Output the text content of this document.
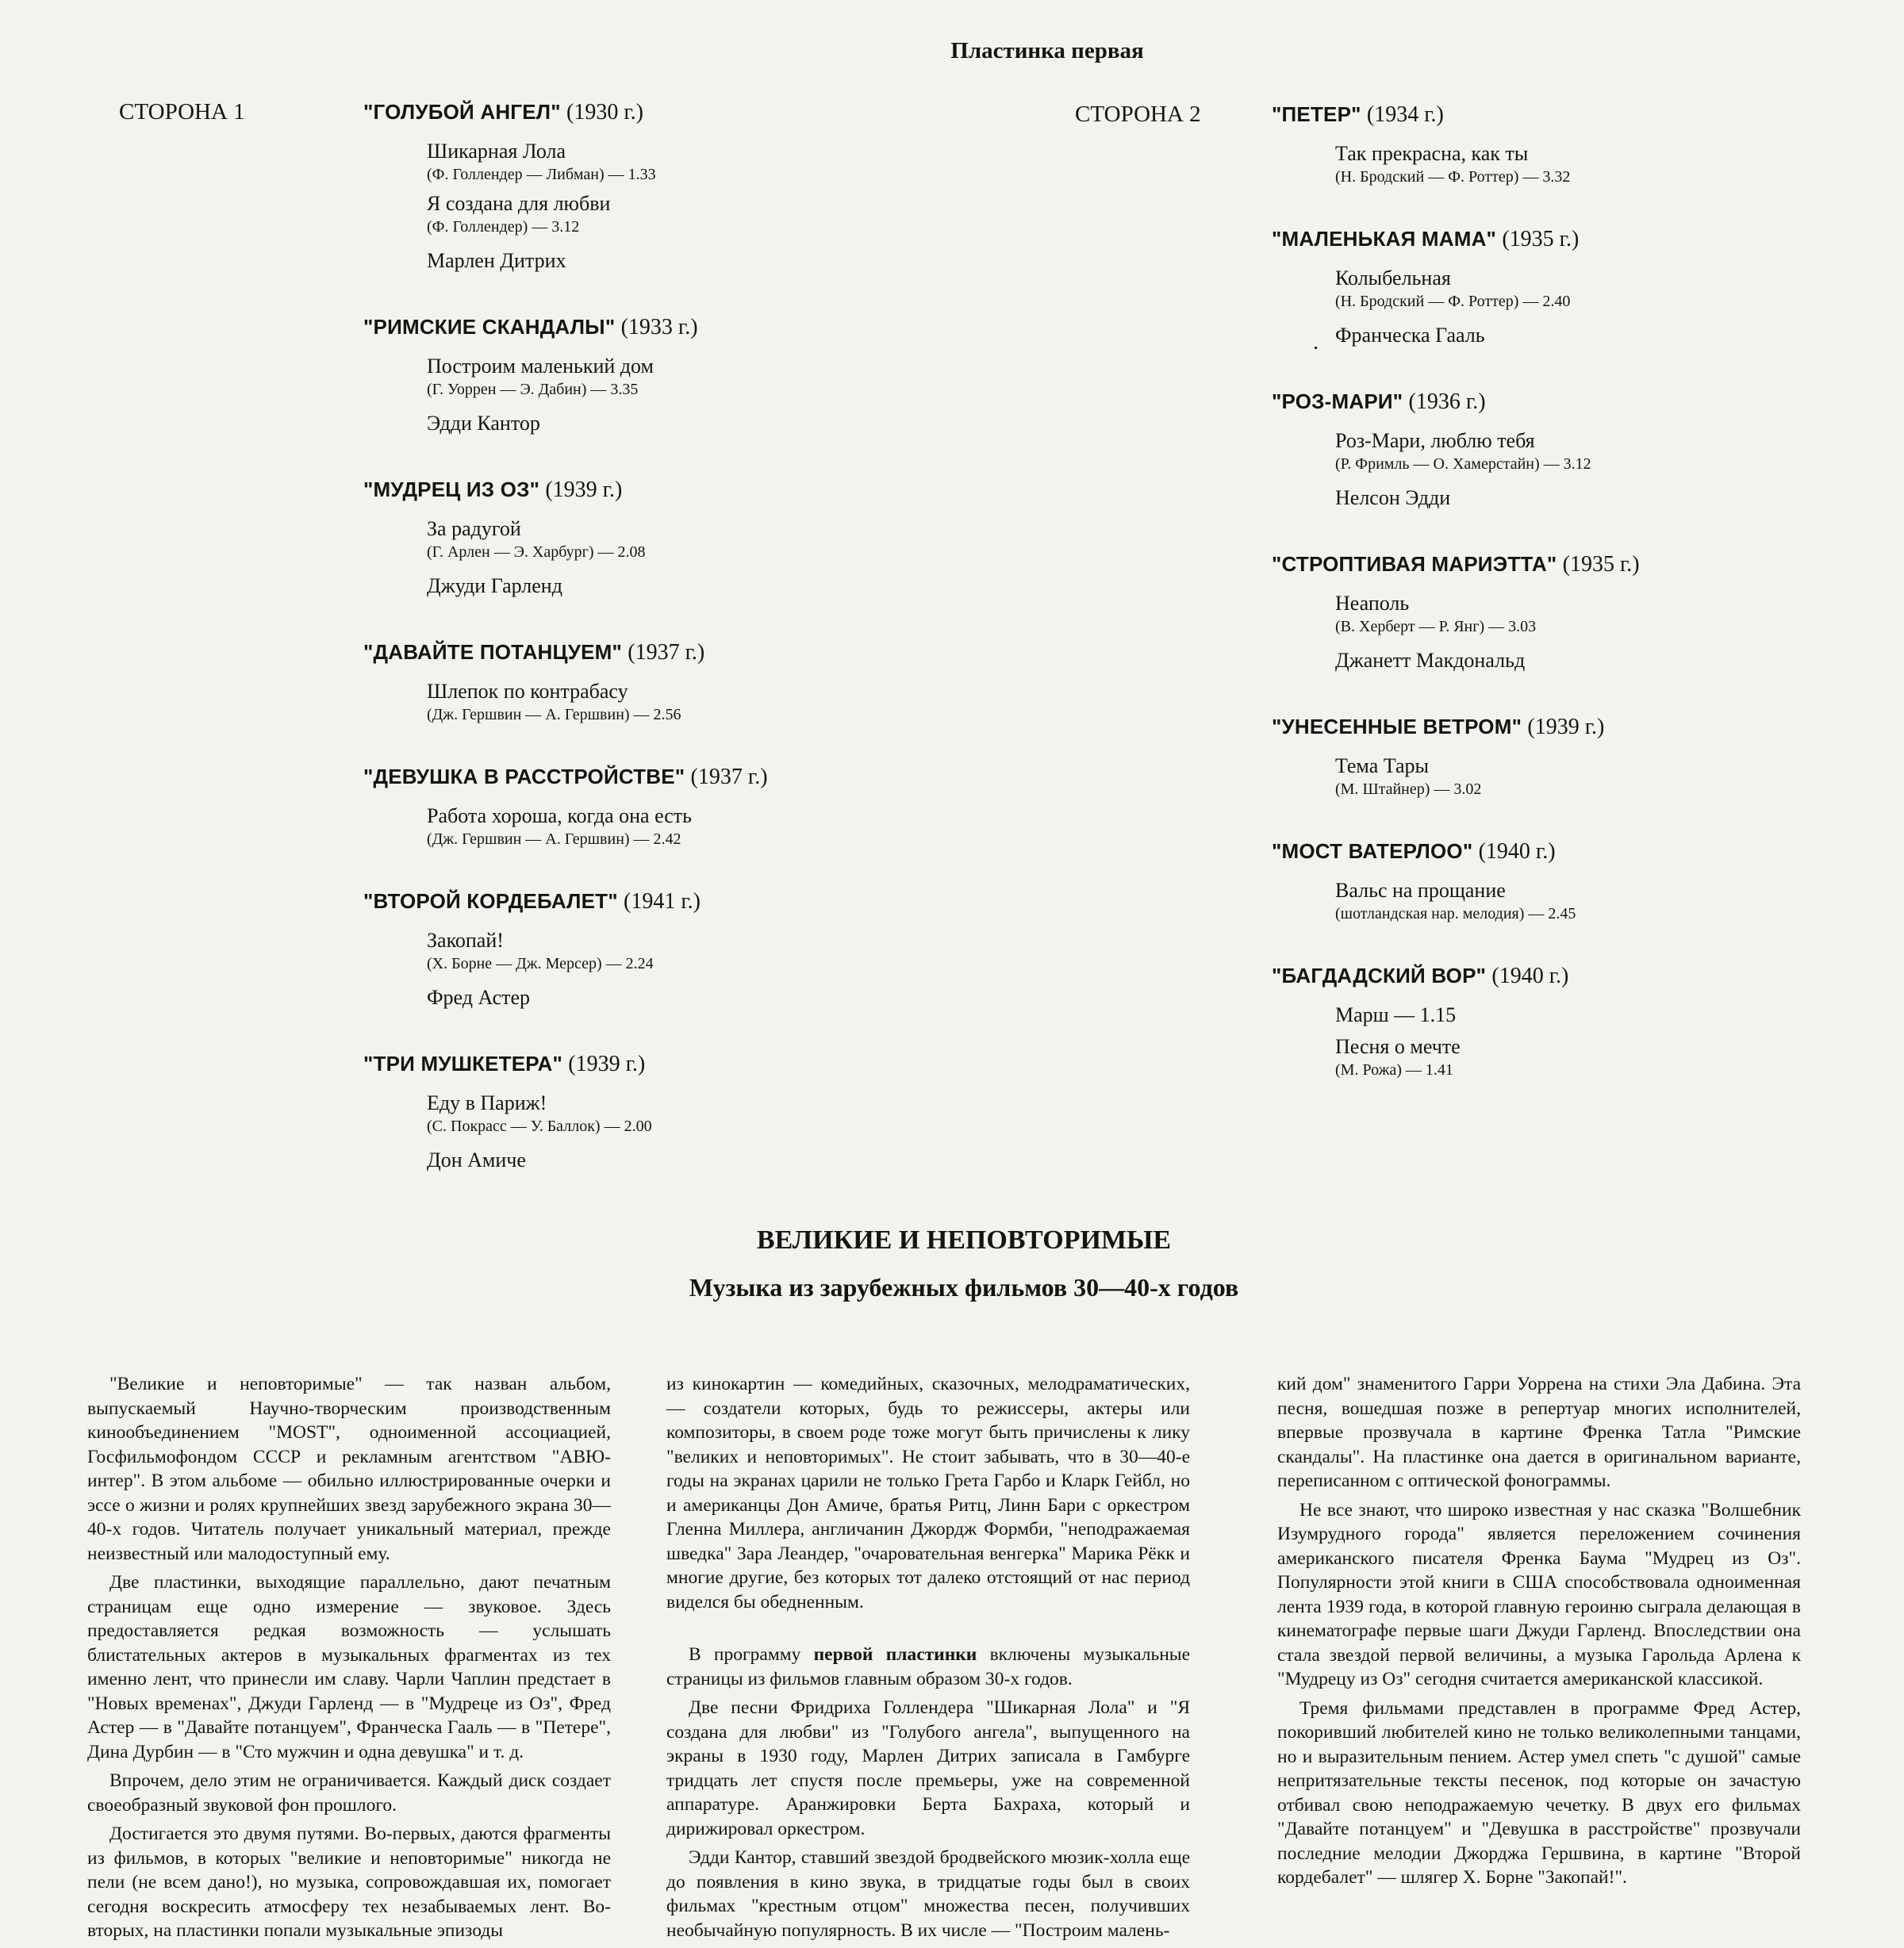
Пластинка первая
СТОРОНА 1	"ГОЛУБОЙ АНГЕЛ" (1930 г.)
Шикарная Лола
(Ф. Голлендер — Либман) — 1.33
Я создана для любви
(Ф. Голлендер) — 3.12
Марлен Дитрих
"РИМСКИЕ СКАНДАЛЫ" (1933 г.)
Построим маленький дом
(Г. Уоррен — Э. Дабин) — 3.35
Эдди Кантор
"МУДРЕЦ ИЗ ОЗ" (1939 г.)
За радугой
(Г. Арлен — Э. Харбург) — 2.08
Джуди Гарленд
"ДАВАЙТЕ ПОТАНЦУЕМ" (1937 г.)
Шлепок по контрабасу
(Дж. Гершвин — А. Гершвин) — 2.56
"ДЕВУШКА В РАССТРОЙСТВЕ" (1937 г.)
Работа хороша, когда она есть
(Дж. Гершвин — А. Гершвин) — 2.42
"ВТОРОЙ КОРДЕБАЛЕТ" (1941 г.)
Закопай!
(Х. Борне — Дж. Мерсер) — 2.24
Фред Астер
"ТРИ МУШКЕТЕРА" (1939 г.)
Еду в Париж!
(С. Покрасс — У. Баллок) — 2.00
Дон Амиче
СТОРОНА 2	"ПЕТЕР" (1934 г.)
Так прекрасна, как ты
(Н. Бродский — Ф. Роттер) — 3.32
"МАЛЕНЬКАЯ МАМА" (1935 г.)
Колыбельная
(Н. Бродский — Ф. Роттер) — 2.40
Франческа Гааль
"РОЗ-МАРИ" (1936 г.)
Роз-Мари, люблю тебя
(Р. Фримль — О. Хамерстайн) — 3.12
Нелсон Эдди
"СТРОПТИВАЯ МАРИЭТТА" (1935 г.)
Неаполь
(В. Херберт — Р. Янг) — 3.03
Джанетт Макдональд
"УНЕСЕННЫЕ ВЕТРОМ" (1939 г.)
Тема Тары
(М. Штайнер) — 3.02
"МОСТ ВАТЕРЛОО" (1940 г.)
Вальс на прощание
(шотландская нар. мелодия) — 2.45
"БАГДАДСКИЙ ВОР" (1940 г.)
Марш — 1.15
Песня о мечте
(М. Рожа) — 1.41
ВЕЛИКИЕ И НЕПОВТОРИМЫЕ
Музыка из зарубежных фильмов 30—40-х годов

"Великие и неповторимые" — так назван альбом, выпускаемый Научно-творческим производственным кинообъединением "MOST", одноименной ассоциацией, Госфильмофондом СССР и рекламным агентством "АВЮ-интер". В этом альбоме — обильно иллюстрированные очерки и эссе о жизни и ролях крупнейших звезд зарубежного экрана 30—40-х годов. Читатель получает уникальный материал, прежде неизвестный или малодоступный ему.

Две пластинки, выходящие параллельно, дают печатным страницам еще одно измерение — звуковое. Здесь предоставляется редкая возможность — услышать блистательных актеров в музыкальных фрагментах из тех именно лент, что принесли им славу. Чарли Чаплин предстает в "Новых временах", Джуди Гарленд — в "Мудреце из Оз", Фред Астер — в "Давайте потанцуем", Франческа Гааль — в "Петере", Дина Дурбин — в "Сто мужчин и одна девушка" и т. д.

Впрочем, дело этим не ограничивается. Каждый диск создает своеобразный звуковой фон прошлого.

Достигается это двумя путями. Во-первых, даются фрагменты из фильмов, в которых "великие и неповторимые" никогда не пели (не всем дано!), но музыка, сопровождавшая их, помогает сегодня воскресить атмосферу тех незабываемых лент. Во-вторых, на пластинки попали музыкальные эпизоды

из кинокартин — комедийных, сказочных, мелодраматических, — создатели которых, будь то режиссеры, актеры или композиторы, в своем роде тоже могут быть причислены к лику "великих и неповторимых". Не стоит забывать, что в 30—40-е годы на экранах царили не только Грета Гарбо и Кларк Гейбл, но и американцы Дон Амиче, братья Ритц, Линн Бари с оркестром Гленна Миллера, англичанин Джордж Формби, "неподражаемая шведка" Зара Леандер, "очаровательная венгерка" Марика Рёкк и многие другие, без которых тот далеко отстоящий от нас период виделся бы обедненным.

В программу первой пластинки включены музыкальные страницы из фильмов главным образом 30-х годов.

Две песни Фридриха Голлендера "Шикарная Лола" и "Я создана для любви" из "Голубого ангела", выпущенного на экраны в 1930 году, Марлен Дитрих записала в Гамбурге тридцать лет спустя после премьеры, уже на современной аппаратуре. Аранжировки Берта Бахраха, который и дирижировал оркестром.

Эдди Кантор, ставший звездой бродвейского мюзик-холла еще до появления в кино звука, в тридцатые годы был в своих фильмах "крестным отцом" множества песен, получивших необычайную популярность. В их числе — "Построим малень-

кий дом" знаменитого Гарри Уоррена на стихи Эла Дабина. Эта песня, вошедшая позже в репертуар многих исполнителей, впервые прозвучала в картине Френка Татла "Римские скандалы". На пластинке она дается в оригинальном варианте, переписанном с оптической фонограммы.

Не все знают, что широко известная у нас сказка "Волшебник Изумрудного города" является переложением сочинения американского писателя Френка Баума "Мудрец из Оз". Популярности этой книги в США способствовала одноименная лента 1939 года, в которой главную героиню сыграла делающая в кинематографе первые шаги Джуди Гарленд. Впоследствии она стала звездой первой величины, а музыка Гарольда Арлена к "Мудрецу из Оз" сегодня считается американской классикой.

Тремя фильмами представлен в программе Фред Астер, покоривший любителей кино не только великолепными танцами, но и выразительным пением. Астер умел спеть "с душой" самые непритязательные тексты песенок, под которые он зачастую отбивал свою неподражаемую чечетку. В двух его фильмах "Давайте потанцуем" и "Девушка в расстройстве" прозвучали последние мелодии Джорджа Гершвина, в картине "Второй кордебалет" — шлягер Х. Борне "Закопай!".
